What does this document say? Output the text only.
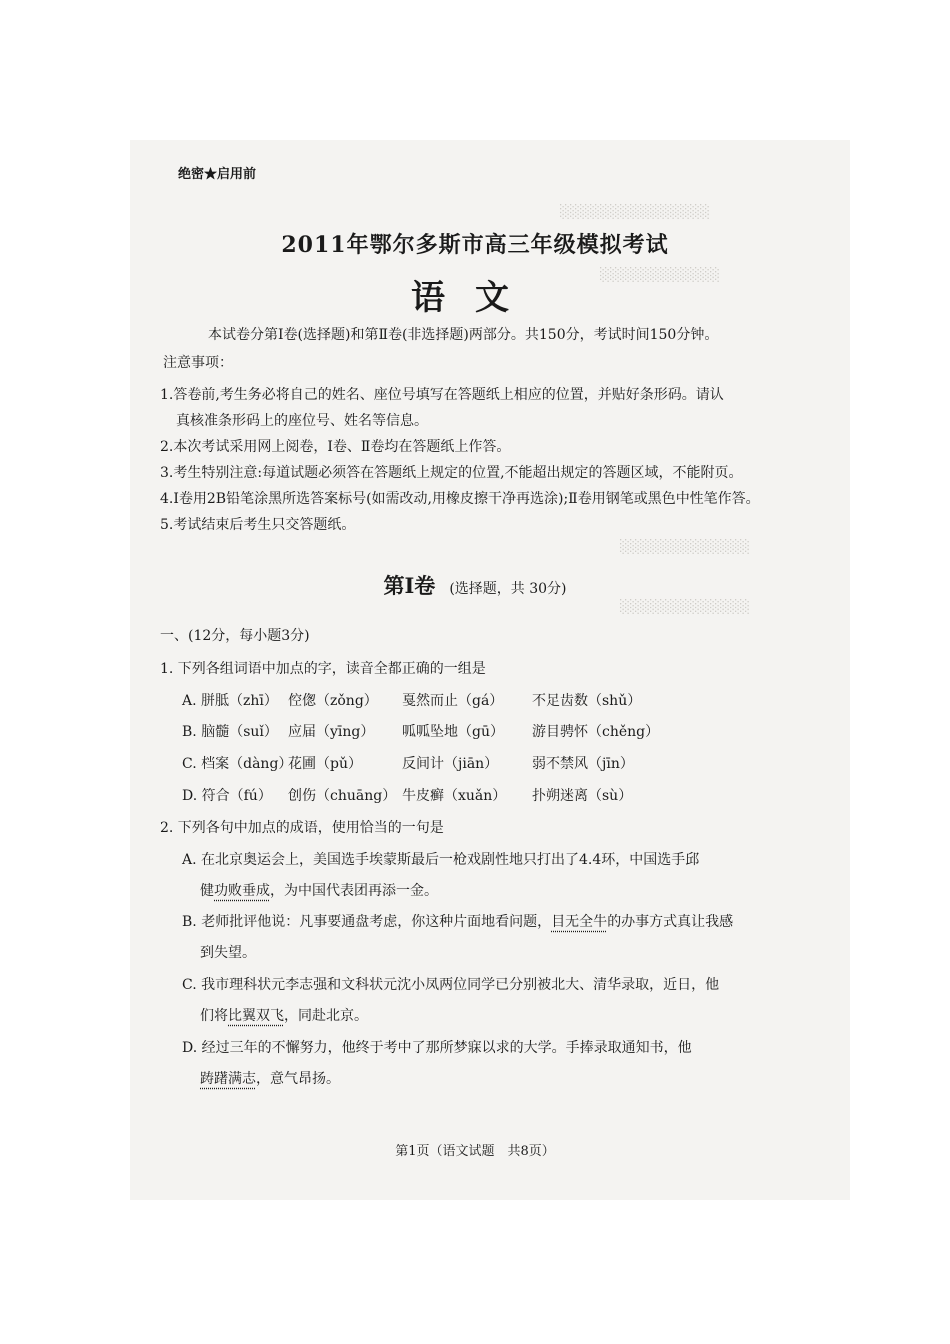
░░░░░░░░░░░░░░░
░░░░░░░░░░░░
░░░░░░░░░░░░░
░░░░░░░░░░░░░
绝密★启用前
2011年鄂尔多斯市高三年级模拟考试
语文
本试卷分第Ⅰ卷(选择题)和第Ⅱ卷(非选择题)两部分。共150分，考试时间150分钟。
注意事项：
1.答卷前,考生务必将自己的姓名、座位号填写在答题纸上相应的位置，并贴好条形码。请认
真核准条形码上的座位号、姓名等信息。
2.本次考试采用网上阅卷，Ⅰ卷、Ⅱ卷均在答题纸上作答。
3.考生特别注意:每道试题必须答在答题纸上规定的位置,不能超出规定的答题区域，不能附页。
4.Ⅰ卷用2B铅笔涂黑所选答案标号(如需改动,用橡皮擦干净再选涂);Ⅱ卷用钢笔或黑色中性笔作答。
5.考试结束后考生只交答题纸。
第Ⅰ卷 (选择题，共 30分)
一、(12分，每小题3分)
1. 下列各组词语中加点的字，读音全都正确的一组是
A. 胼胝（zhī） 倥偬（zǒng） 戛然而止（gá） 不足齿数（shǔ）
B. 脑髓（suǐ） 应届（yīng） 呱呱坠地（gū） 游目骋怀（chěng）
C. 档案（dàng）花圃（pǔ）	反间计（jiān） 弱不禁风（jīn）
D. 符合（fú） 创伤（chuāng） 牛皮癣（xuǎn） 扑朔迷离（sù）
2. 下列各句中加点的成语，使用恰当的一句是
A. 在北京奥运会上，美国选手埃蒙斯最后一枪戏剧性地只打出了4.4环，中国选手邱
健功败垂成，为中国代表团再添一金。
B. 老师批评他说：凡事要通盘考虑，你这种片面地看问题，目无全牛的办事方式真让我感
到失望。
C. 我市理科状元李志强和文科状元沈小凤两位同学已分别被北大、清华录取，近日，他
们将比翼双飞，同赴北京。
D. 经过三年的不懈努力，他终于考中了那所梦寐以求的大学。手捧录取通知书，他
踌躇满志，意气昂扬。
第1页（语文试题　共8页）
